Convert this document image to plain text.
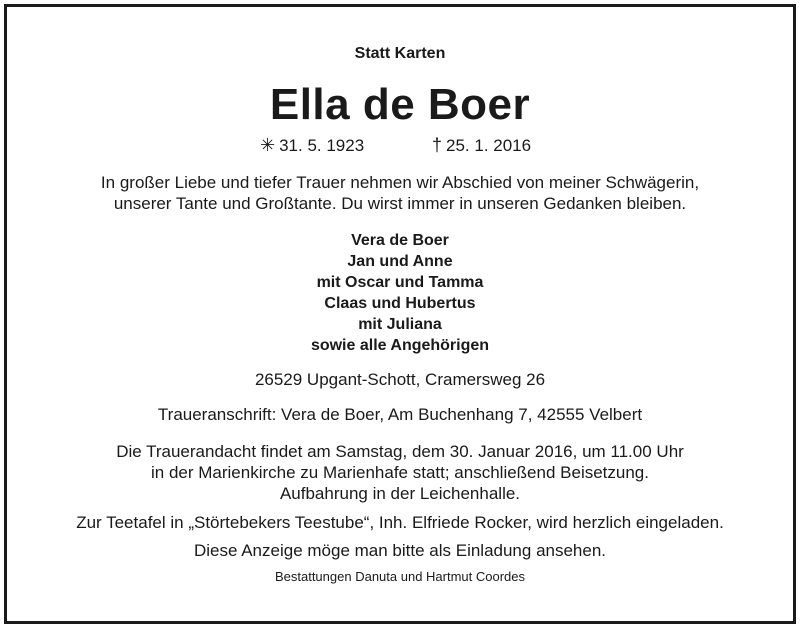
Statt Karten
Ella de Boer
✳ 31. 5. 1923	† 25. 1. 2016
In großer Liebe und tiefer Trauer nehmen wir Abschied von meiner Schwägerin,
unserer Tante und Großtante. Du wirst immer in unseren Gedanken bleiben.
Vera de Boer
Jan und Anne
mit Oscar und Tamma
Claas und Hubertus
mit Juliana
sowie alle Angehörigen
26529 Upgant-Schott, Cramersweg 26
Traueranschrift: Vera de Boer, Am Buchenhang 7, 42555 Velbert
Die Trauerandacht findet am Samstag, dem 30. Januar 2016, um 11.00 Uhr
in der Marienkirche zu Marienhafe statt; anschließend Beisetzung.
Aufbahrung in der Leichenhalle.
Zur Teetafel in „Störtebekers Teestube“, Inh. Elfriede Rocker, wird herzlich eingeladen.
Diese Anzeige möge man bitte als Einladung ansehen.
Bestattungen Danuta und Hartmut Coordes
